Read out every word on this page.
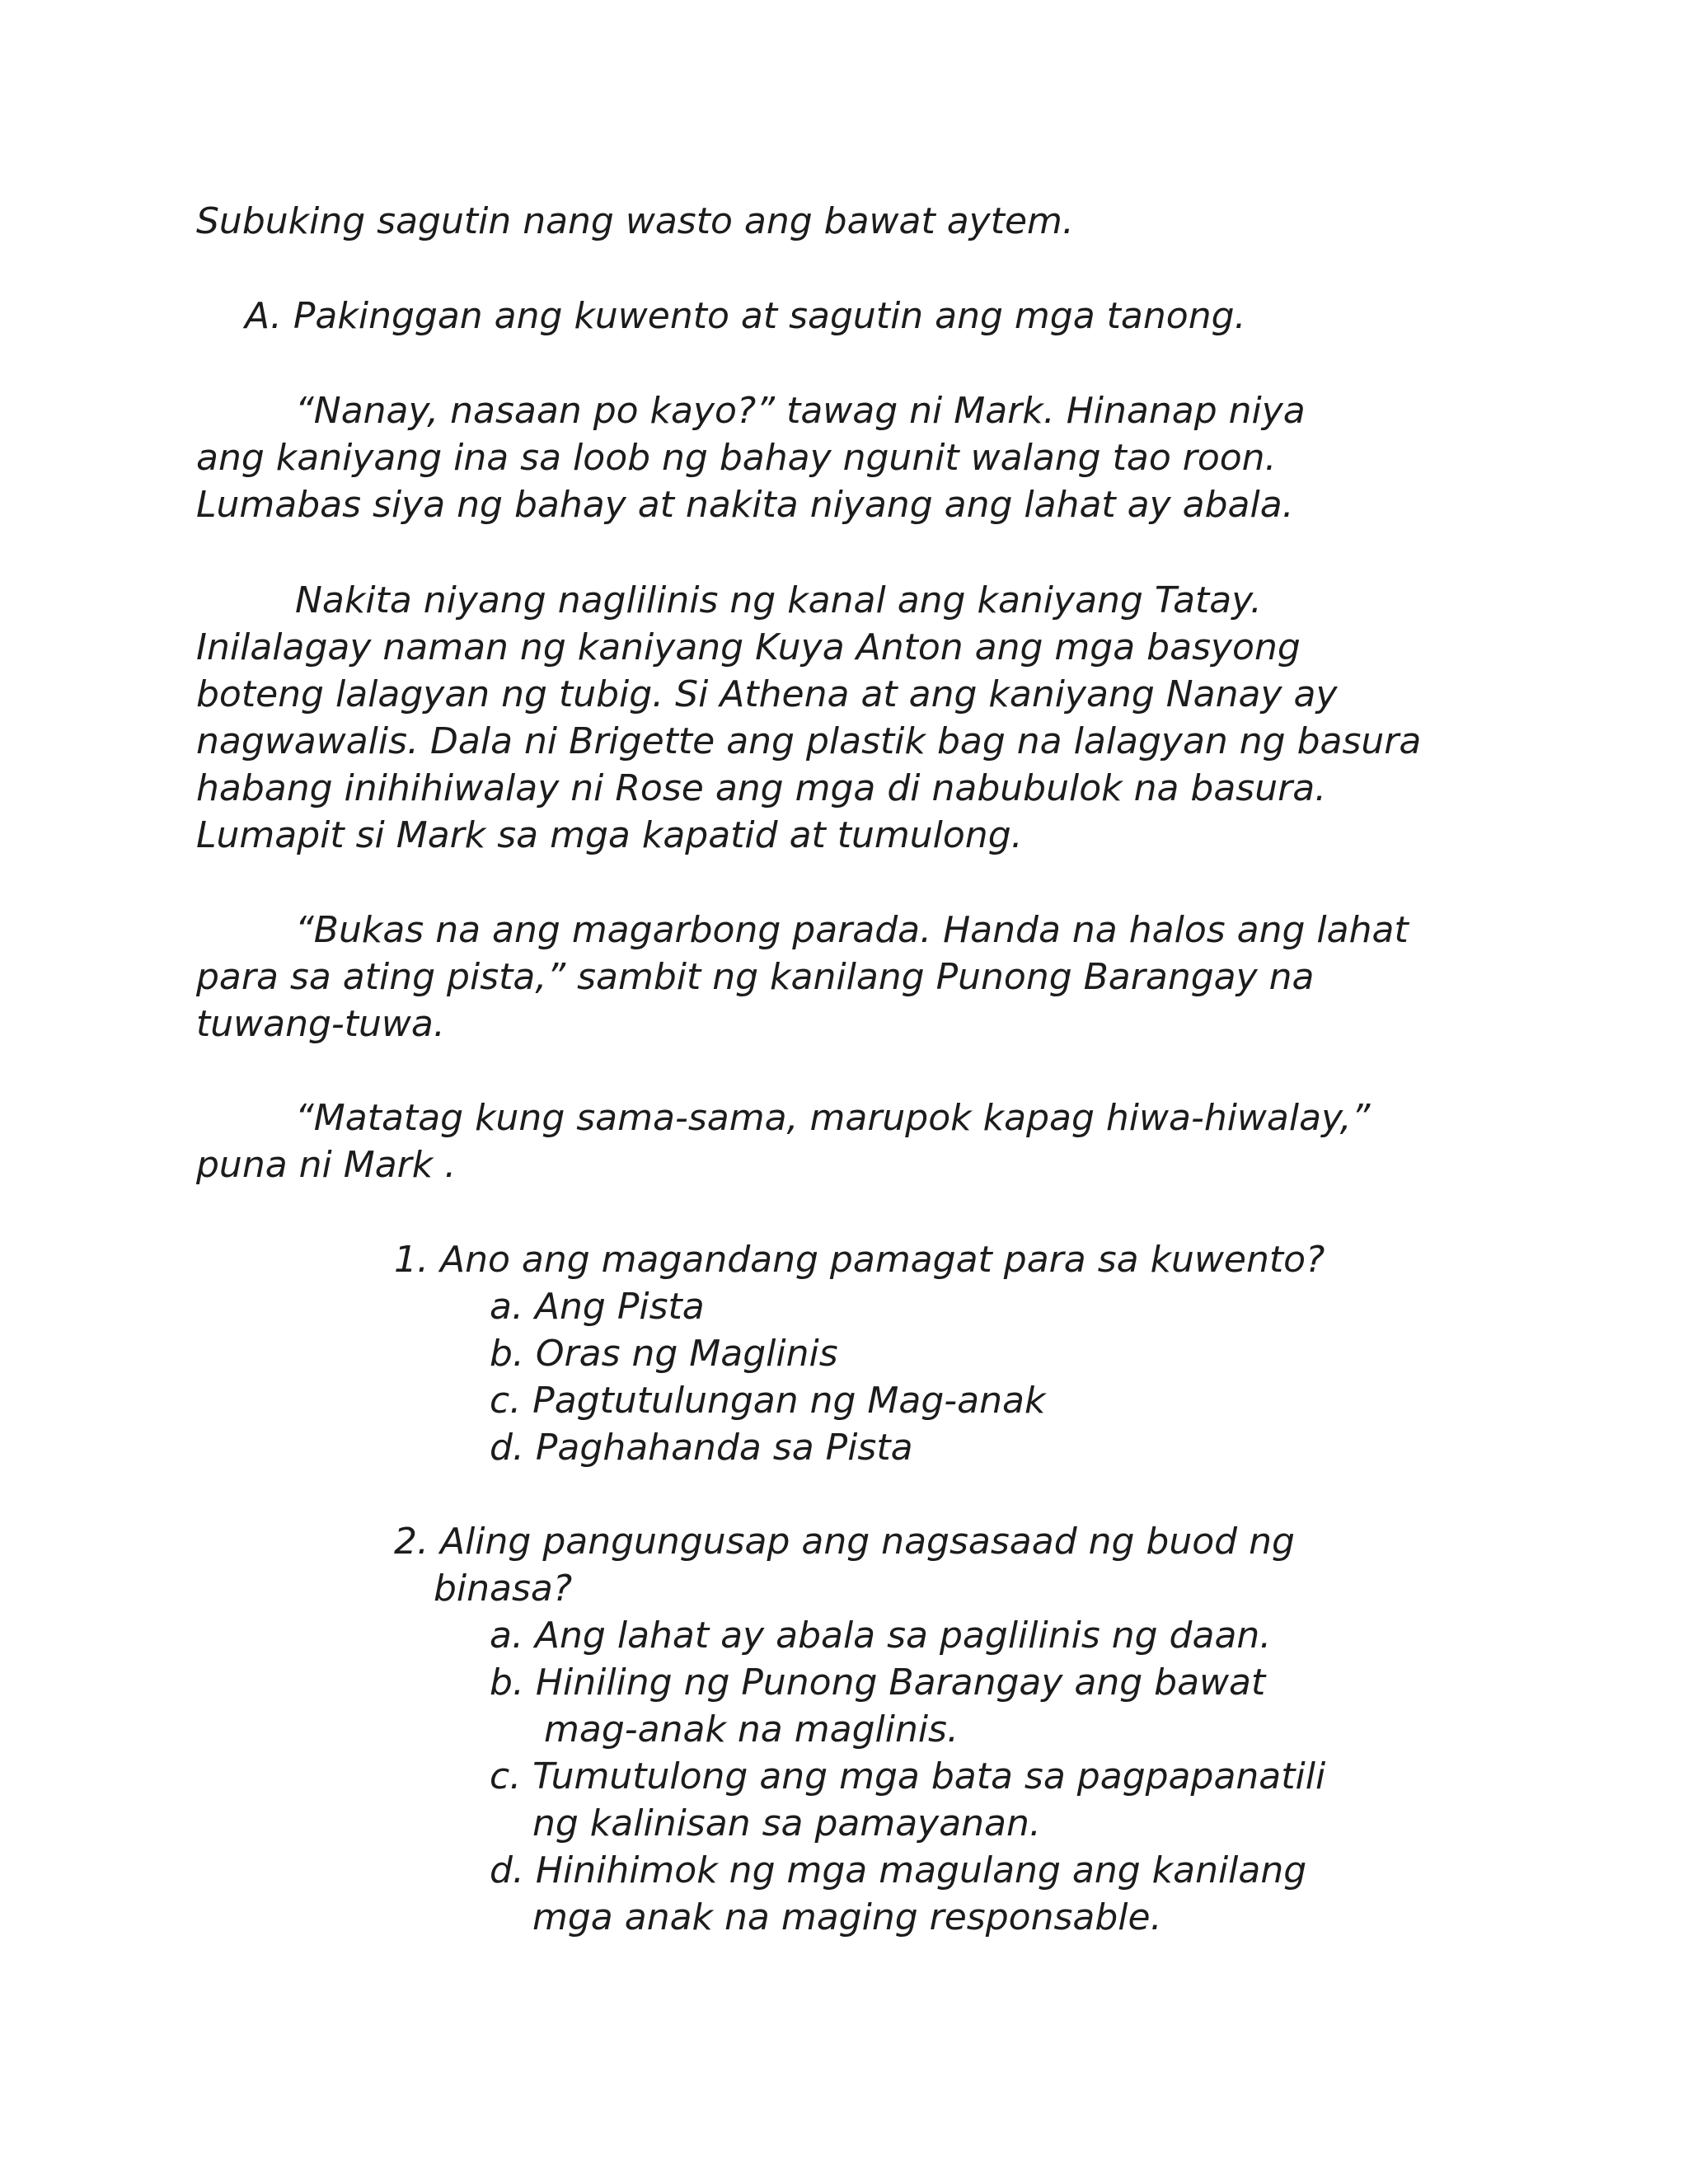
Subuking sagutin nang wasto ang bawat aytem.
A. Pakinggan ang kuwento at sagutin ang mga tanong.
“Nanay, nasaan po kayo?” tawag ni Mark. Hinanap niya
ang kaniyang ina sa loob ng bahay ngunit walang tao roon.
Lumabas siya ng bahay at nakita niyang ang lahat ay abala.
Nakita niyang naglilinis ng kanal ang kaniyang Tatay.
Inilalagay naman ng kaniyang Kuya Anton ang mga basyong
boteng lalagyan ng tubig. Si Athena at ang kaniyang Nanay ay
nagwawalis. Dala ni Brigette ang plastik bag na lalagyan ng basura
habang inihihiwalay ni Rose ang mga di nabubulok na basura.
Lumapit si Mark sa mga kapatid at tumulong.
“Bukas na ang magarbong parada. Handa na halos ang lahat
para sa ating pista,” sambit ng kanilang Punong Barangay na
tuwang-tuwa.
“Matatag kung sama-sama, marupok kapag hiwa-hiwalay,”
puna ni Mark .
1. Ano ang magandang pamagat para sa kuwento?
a. Ang Pista
b. Oras ng Maglinis
c. Pagtutulungan ng Mag-anak
d. Paghahanda sa Pista
2. Aling pangungusap ang nagsasaad ng buod ng
binasa?
a. Ang lahat ay abala sa paglilinis ng daan.
b. Hiniling ng Punong Barangay ang bawat
mag-anak na maglinis.
c. Tumutulong ang mga bata sa pagpapanatili
ng kalinisan sa pamayanan.
d. Hinihimok ng mga magulang ang kanilang
mga anak na maging responsable.
